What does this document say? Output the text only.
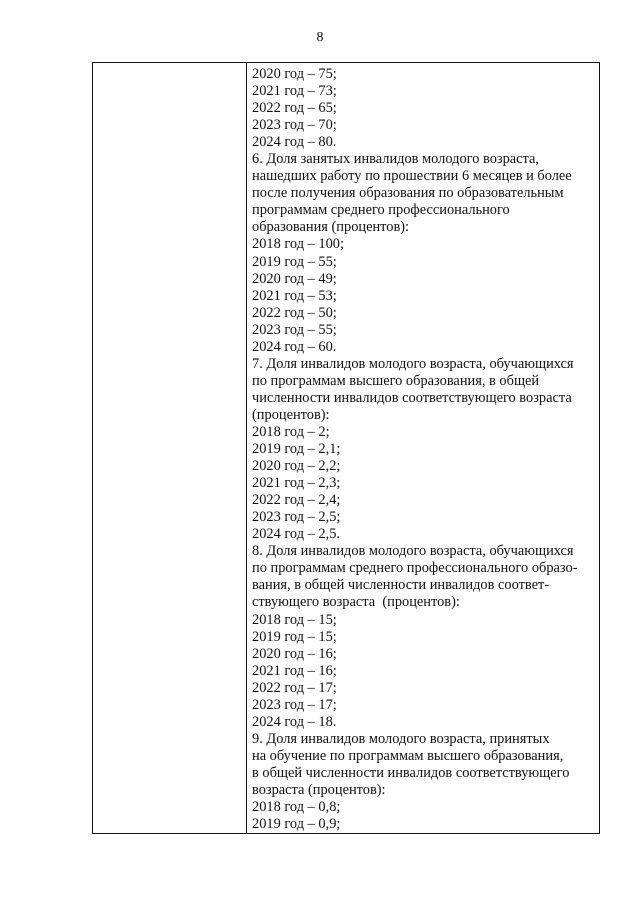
8
2020 год – 75;
2021 год – 73;
2022 год – 65;
2023 год – 70;
2024 год – 80.
6. Доля занятых инвалидов молодого возраста,
нашедших работу по прошествии 6 месяцев и более
после получения образования по образовательным
программам среднего профессионального
образования (процентов):
2018 год – 100;
2019 год – 55;
2020 год – 49;
2021 год – 53;
2022 год – 50;
2023 год – 55;
2024 год – 60.
7. Доля инвалидов молодого возраста, обучающихся
по программам высшего образования, в общей
численности инвалидов соответствующего возраста
(процентов):
2018 год – 2;
2019 год – 2,1;
2020 год – 2,2;
2021 год – 2,3;
2022 год – 2,4;
2023 год – 2,5;
2024 год – 2,5.
8. Доля инвалидов молодого возраста, обучающихся
по программам среднего профессионального образо-
вания, в общей численности инвалидов соответ-
ствующего возраста  (процентов):
2018 год – 15;
2019 год – 15;
2020 год – 16;
2021 год – 16;
2022 год – 17;
2023 год – 17;
2024 год – 18.
9. Доля инвалидов молодого возраста, принятых
на обучение по программам высшего образования,
в общей численности инвалидов соответствующего
возраста (процентов):
2018 год – 0,8;
2019 год – 0,9;
